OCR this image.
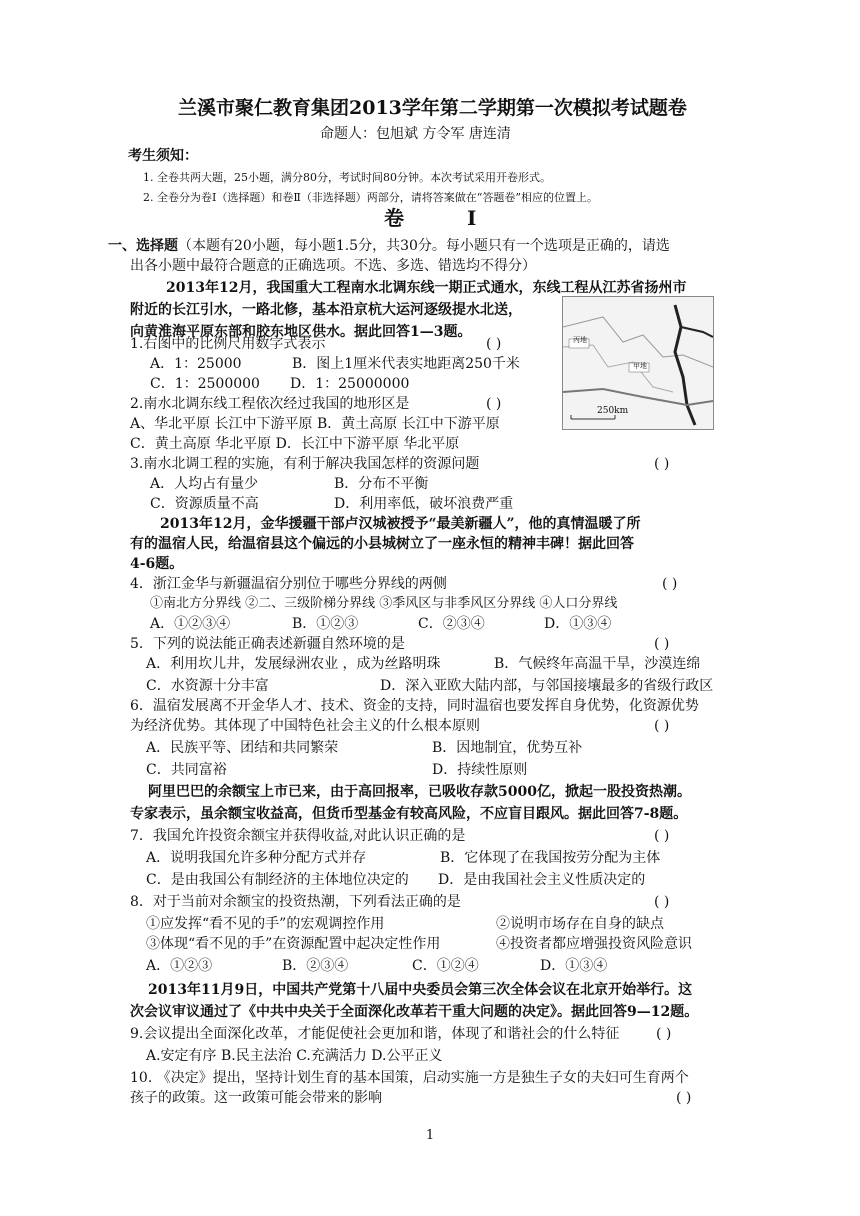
兰溪市聚仁教育集团2013学年第二学期第一次模拟考试题卷
命题人：包旭斌 方令军 唐连清
考生须知：
1. 全卷共两大题，25小题，满分80分，考试时间80分钟。本次考试采用开卷形式。
2. 全卷分为卷Ⅰ（选择题）和卷Ⅱ（非选择题）两部分，请将答案做在“答题卷”相应的位置上。
卷 Ⅰ
一、选择题（本题有20小题，每小题1.5分，共30分。每小题只有一个选项是正确的，请选
出各小题中最符合题意的正确选项。不选、多选、错选均不得分）
2013年12月，我国重大工程南水北调东线一期正式通水，东线工程从江苏省扬州市
附近的长江引水，一路北修，基本沿京杭大运河逐级提水北送，
向黄淮海平原东部和胶东地区供水。据此回答1—3题。	丙地
甲地
250km
1.右图中的比例尺用数字式表示	( )
A．1：25000	B．图上1厘米代表实地距离250千米
C．1：2500000 D．1：25000000
2.南水北调东线工程依次经过我国的地形区是	( )
A、华北平原 长江中下游平原 B．黄土高原 长江中下游平原
C．黄土高原 华北平原 D．长江中下游平原 华北平原
3.南水北调工程的实施，有利于解决我国怎样的资源问题	( )
A．人均占有量少	B．分布不平衡
C．资源质量不高	D．利用率低，破坏浪费严重
2013年12月，金华援疆干部卢汉城被授予“最美新疆人”，他的真情温暖了所
有的温宿人民，给温宿县这个偏远的小县城树立了一座永恒的精神丰碑！据此回答
4-6题。
4．浙江金华与新疆温宿分别位于哪些分界线的两侧	( )
①南北方分界线 ②二、三级阶梯分界线 ③季风区与非季风区分界线 ④人口分界线
A．①②③④	B．①②③	C．②③④	D．①③④
5．下列的说法能正确表述新疆自然环境的是	( )
A．利用坎儿井，发展绿洲农业 ，成为丝路明珠	B．气候终年高温干旱，沙漠连绵
C．水资源十分丰富	D．深入亚欧大陆内部，与邻国接壤最多的省级行政区
6．温宿发展离不开金华人才、技术、资金的支持，同时温宿也要发挥自身优势，化资源优势
为经济优势。其体现了中国特色社会主义的什么根本原则	( )
A．民族平等、团结和共同繁荣	B．因地制宜，优势互补
C．共同富裕	D．持续性原则
阿里巴巴的余额宝上市已来，由于高回报率，已吸收存款5000亿，掀起一股投资热潮。
专家表示，虽余额宝收益高，但货币型基金有较高风险，不应盲目跟风。据此回答7-8题。
7．我国允许投资余额宝并获得收益,对此认识正确的是	( )
A．说明我国允许多种分配方式并存	B．它体现了在我国按劳分配为主体
C．是由我国公有制经济的主体地位决定的 D．是由我国社会主义性质决定的
8．对于当前对余额宝的投资热潮，下列看法正确的是	( )
①应发挥“看不见的手”的宏观调控作用	②说明市场存在自身的缺点
③体现“看不见的手”在资源配置中起决定性作用	④投资者都应增强投资风险意识
A．①②③	B．②③④	C．①②④	D．①③④
2013年11月9日，中国共产党第十八届中央委员会第三次全体会议在北京开始举行。这
次会议审议通过了《中共中央关于全面深化改革若干重大问题的决定》。据此回答9—12题。
9.会议提出全面深化改革，才能促使社会更加和谐，体现了和谐社会的什么特征	( )
A.安定有序 B.民主法治 C.充满活力 D.公平正义
10. 《决定》提出，坚持计划生育的基本国策，启动实施一方是独生子女的夫妇可生育两个
孩子的政策。这一政策可能会带来的影响	( )
1
